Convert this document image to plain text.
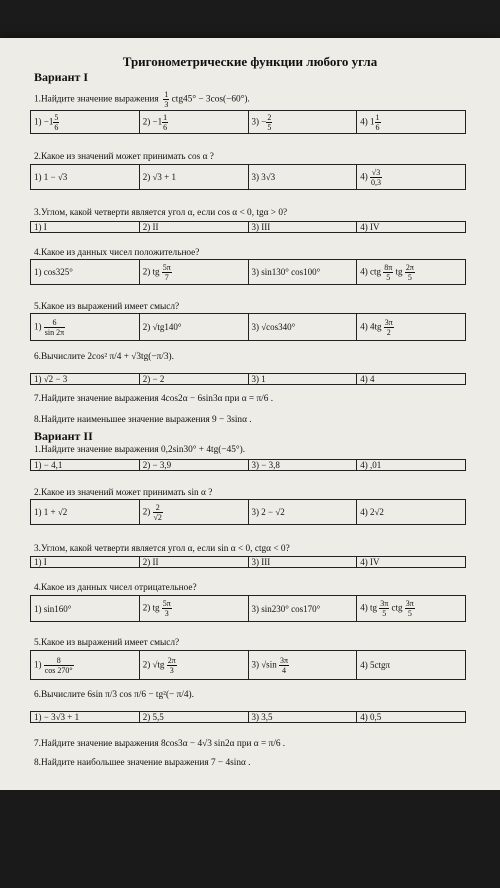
Тригонометрические функции любого угла
Вариант I
1.Найдите значение выражения $\frac{1}{3} ctg45^\circ - 3\cos(-60^\circ)$.
$1) -1 \frac{5}{6}$	$2) -1 \frac{1}{6}$	$3) - \frac{2}{5}$	4) $1 \frac{1}{6}$
2.Какое из значений может принимать cos α ?
1) 1 − √3	2) √3 + 1	3) 3√3	$4) \frac{√3}{0,3}$
3.Углом, какой четверти является угол α, если cos α < 0, tgα > 0?
1) I	2) II	3) III	4) IV
4.Какое из данных чисел положительное?
1) cos325°	2) tg $\frac{5\pi}{7}$	3) sin130° cos100°	4) ctg $\frac{8\pi}{5}$ tg $\frac{2\pi}{5}$
5.Какое из выражений имеет смысл?
$1) \frac{6}{\sin 2\pi}$	2) √tg140°	3) √cos340°	4) $4tg \frac{3\pi}{2}$
6.Вычислите 2cos² π/4 + √3tg(−π/3).
1) √2 − 3	2) − 2	3) 1	4) 4
7.Найдите значение выражения 4cos2α − 6sin3α при α = π/6 .
8.Найдите наименьшее значение выражения 9 − 3sinα .
Вариант II
1.Найдите значение выражения 0,2sin30° + 4tg(−45°).
1) − 4,1	2) − 3,9	3) − 3,8	4) ,01
2.Какое из значений может принимать sin α ?
1) 1 + √2	$2) \frac{2}{√2}$	3) 2 − √2	4) 2√2
3.Углом, какой четверти является угол α, если sin α < 0, ctgα < 0?
1) I	2) II	3) III	4) IV
4.Какое из данных чисел отрицательное?
1) sin160°	2) tg $\frac{5\pi}{3}$	3) sin230° cos170°	4) tg $\frac{3\pi}{5}$ ctg $\frac{3\pi}{5}$
5.Какое из выражений имеет смысл?
$1) \frac{8}{\cos 270^\circ}$	2) $√tg \frac{2\pi}{3}$	3) $√\sin \frac{3\pi}{4}$	4) 5ctgπ
6.Вычислите 6sin π/3 cos π/6 − tg²(− π/4).
1) − 3√3 + 1	2) 5,5	3) 3,5	4) 0,5
7.Найдите значение выражения 8cos3α − 4√3 sin2α при α = π/6 .
8.Найдите наибольшее значение выражения 7 − 4sinα .
